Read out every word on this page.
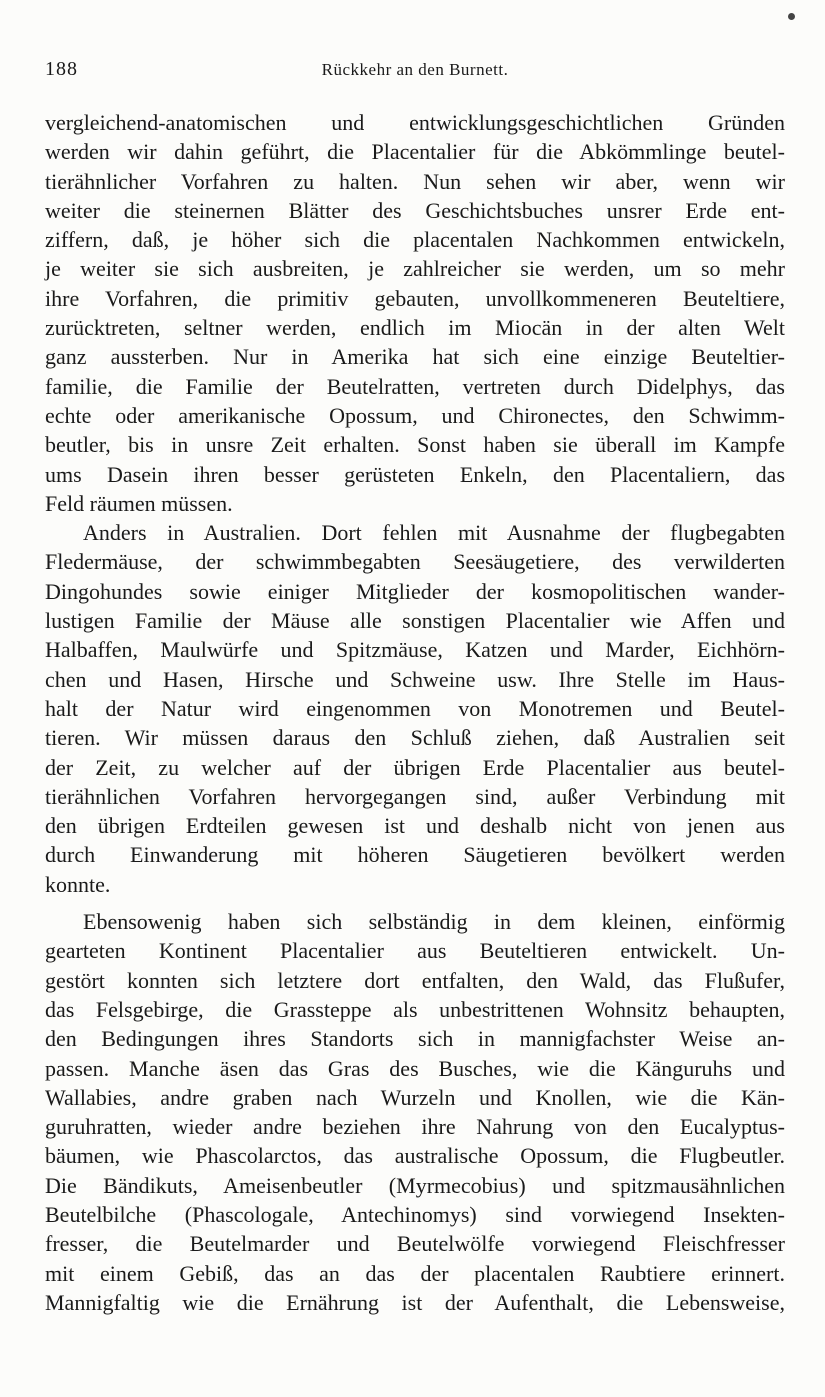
188	Rückkehr an den Burnett.
vergleichend-anatomischen und entwicklungsgeschichtlichen Gründen
werden wir dahin geführt, die Placentalier für die Abkömmlinge beutel-
tierähnlicher Vorfahren zu halten. Nun sehen wir aber, wenn wir
weiter die steinernen Blätter des Geschichtsbuches unsrer Erde ent-
ziffern, daß, je höher sich die placentalen Nachkommen entwickeln,
je weiter sie sich ausbreiten, je zahlreicher sie werden, um so mehr
ihre Vorfahren, die primitiv gebauten, unvollkommeneren Beuteltiere,
zurücktreten, seltner werden, endlich im Miocän in der alten Welt
ganz aussterben. Nur in Amerika hat sich eine einzige Beuteltier-
familie, die Familie der Beutelratten, vertreten durch Didelphys, das
echte oder amerikanische Opossum, und Chironectes, den Schwimm-
beutler, bis in unsre Zeit erhalten. Sonst haben sie überall im Kampfe
ums Dasein ihren besser gerüsteten Enkeln, den Placentaliern, das
Feld räumen müssen.
Anders in Australien. Dort fehlen mit Ausnahme der flugbegabten
Fledermäuse, der schwimmbegabten Seesäugetiere, des verwilderten
Dingohundes sowie einiger Mitglieder der kosmopolitischen wander-
lustigen Familie der Mäuse alle sonstigen Placentalier wie Affen und
Halbaffen, Maulwürfe und Spitzmäuse, Katzen und Marder, Eichhörn-
chen und Hasen, Hirsche und Schweine usw. Ihre Stelle im Haus-
halt der Natur wird eingenommen von Monotremen und Beutel-
tieren. Wir müssen daraus den Schluß ziehen, daß Australien seit
der Zeit, zu welcher auf der übrigen Erde Placentalier aus beutel-
tierähnlichen Vorfahren hervorgegangen sind, außer Verbindung mit
den übrigen Erdteilen gewesen ist und deshalb nicht von jenen aus
durch Einwanderung mit höheren Säugetieren bevölkert werden
konnte.
Ebensowenig haben sich selbständig in dem kleinen, einförmig
gearteten Kontinent Placentalier aus Beuteltieren entwickelt. Un-
gestört konnten sich letztere dort entfalten, den Wald, das Flußufer,
das Felsgebirge, die Grassteppe als unbestrittenen Wohnsitz behaupten,
den Bedingungen ihres Standorts sich in mannigfachster Weise an-
passen. Manche äsen das Gras des Busches, wie die Känguruhs und
Wallabies, andre graben nach Wurzeln und Knollen, wie die Kän-
guruhratten, wieder andre beziehen ihre Nahrung von den Eucalyptus-
bäumen, wie Phascolarctos, das australische Opossum, die Flugbeutler.
Die Bändikuts, Ameisenbeutler (Myrmecobius) und spitzmausähnlichen
Beutelbilche (Phascologale, Antechinomys) sind vorwiegend Insekten-
fresser, die Beutelmarder und Beutelwölfe vorwiegend Fleischfresser
mit einem Gebiß, das an das der placentalen Raubtiere erinnert.
Mannigfaltig wie die Ernährung ist der Aufenthalt, die Lebensweise,
